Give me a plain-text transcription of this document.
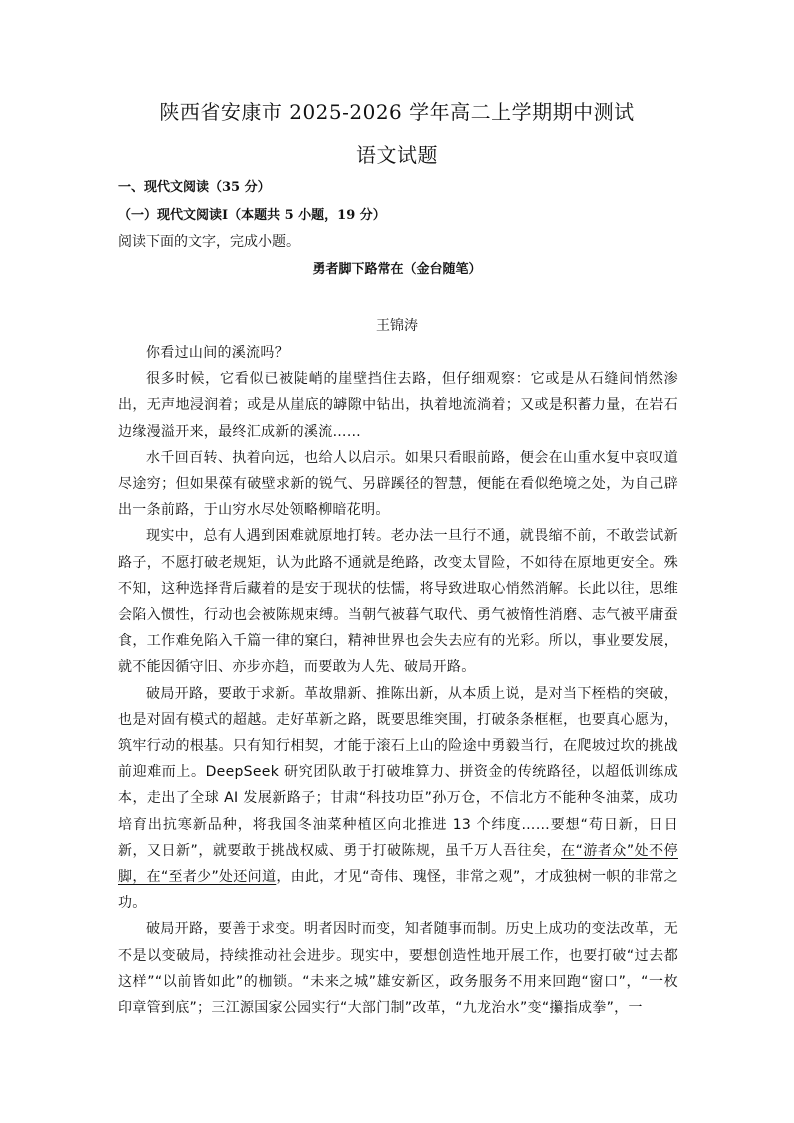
陕西省安康市 2025-2026 学年高二上学期期中测试
语文试题
一、现代文阅读（35 分）
（一）现代文阅读Ⅰ（本题共 5 小题，19 分）
阅读下面的文字，完成小题。
勇者脚下路常在（金台随笔）
王锦涛

你看过山间的溪流吗？

很多时候，它看似已被陡峭的崖壁挡住去路，但仔细观察：它或是从石缝间悄然渗出，无声地浸润着；或是从崖底的罅隙中钻出，执着地流淌着；又或是积蓄力量，在岩石边缘漫溢开来，最终汇成新的溪流……

水千回百转、执着向远，也给人以启示。如果只看眼前路，便会在山重水复中哀叹道尽途穷；但如果葆有破壁求新的锐气、另辟蹊径的智慧，便能在看似绝境之处，为自己辟出一条前路，于山穷水尽处领略柳暗花明。

现实中，总有人遇到困难就原地打转。老办法一旦行不通，就畏缩不前，不敢尝试新路子，不愿打破老规矩，认为此路不通就是绝路，改变太冒险，不如待在原地更安全。殊不知，这种选择背后藏着的是安于现状的怯懦，将导致进取心悄然消解。长此以往，思维会陷入惯性，行动也会被陈规束缚。当朝气被暮气取代、勇气被惰性消磨、志气被平庸蚕食，工作难免陷入千篇一律的窠臼，精神世界也会失去应有的光彩。所以，事业要发展，就不能因循守旧、亦步亦趋，而要敢为人先、破局开路。

破局开路，要敢于求新。革故鼎新、推陈出新，从本质上说，是对当下桎梏的突破，也是对固有模式的超越。走好革新之路，既要思维突围，打破条条框框，也要真心愿为，筑牢行动的根基。只有知行相契，才能于滚石上山的险途中勇毅当行，在爬坡过坎的挑战前迎难而上。DeepSeek 研究团队敢于打破堆算力、拼资金的传统路径，以超低训练成本，走出了全球 AI 发展新路子；甘肃“科技功臣”孙万仓，不信北方不能种冬油菜，成功培育出抗寒新品种，将我国冬油菜种植区向北推进 13 个纬度……要想“苟日新，日日新，又日新”，就要敢于挑战权威、勇于打破陈规，虽千万人吾往矣，在“游者众”处不停脚，在“至者少”处还问道，由此，才见“奇伟、瑰怪，非常之观”，才成独树一帜的非常之功。

破局开路，要善于求变。明者因时而变，知者随事而制。历史上成功的变法改革，无不是以变破局，持续推动社会进步。现实中，要想创造性地开展工作，也要打破“过去都这样”“以前皆如此”的枷锁。“未来之城”雄安新区，政务服务不用来回跑“窗口”，“一枚印章管到底”；三江源国家公园实行“大部门制”改革，“九龙治水”变“攥指成拳”，一
